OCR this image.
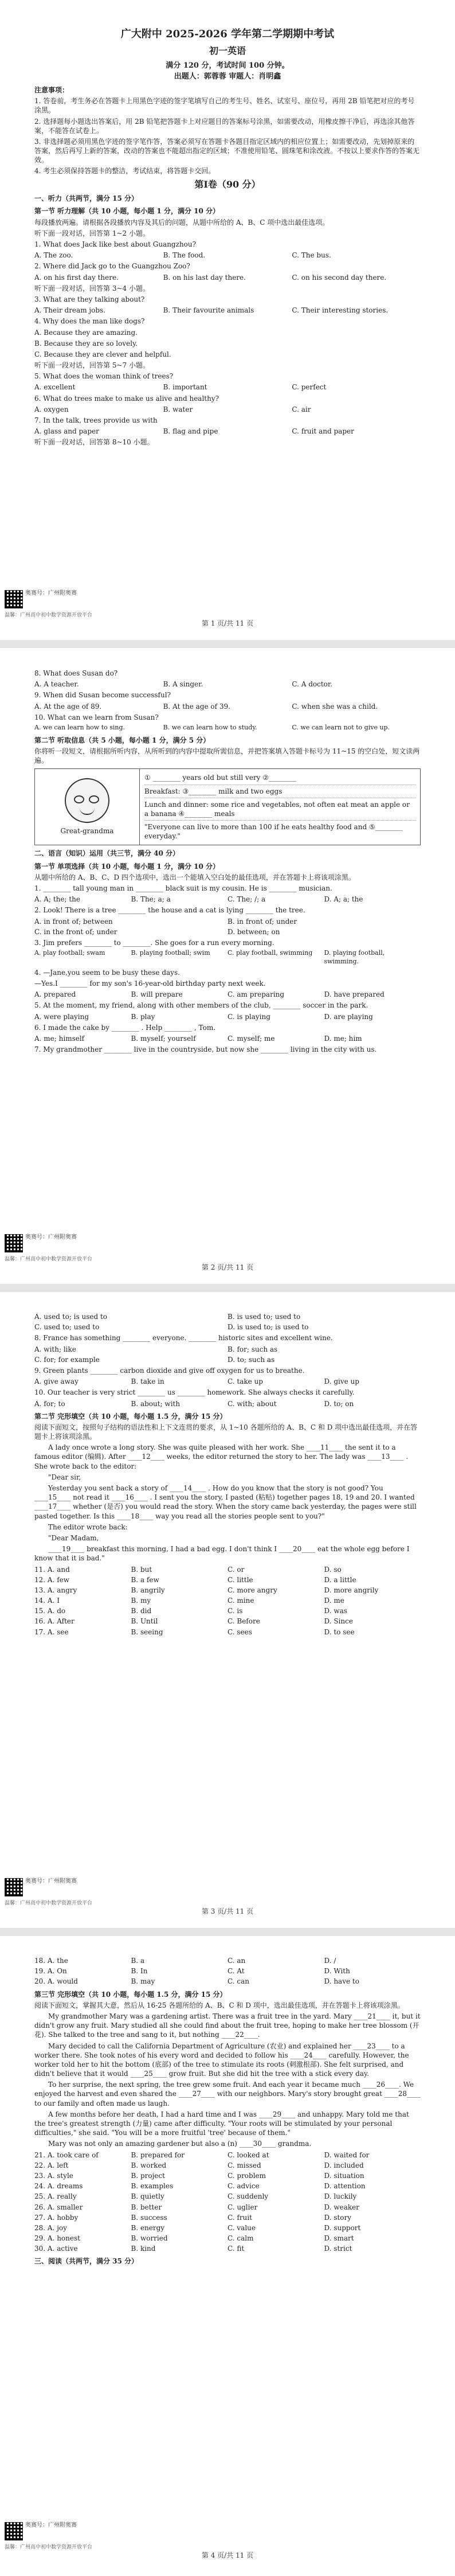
广大附中 2025-2026 学年第二学期期中考试
初一英语
满分 120 分，考试时间 100 分钟。
出题人：郭蓉蓉 审题人：肖明鑫
注意事项：
1. 答卷前，考生务必在答题卡上用黑色字迹的签字笔填写自己的考生号、姓名、试室号、座位号，再用 2B 铅笔把对应的考号涂黑。
2. 选择题每小题选出答案后，用 2B 铅笔把答题卡上对应题目的答案标号涂黑，如需要改动，用橡皮擦干净后，再选涂其他答案，不能答在试卷上。
3. 非选择题必须用黑色字迹的签字笔作答，答案必须写在答题卡各题目指定区域内的相应位置上；如需要改动，先划掉原来的答案，然后再写上新的答案，改动的答案也不能超出指定的区域；不准使用铅笔、圆珠笔和涂改液。不按以上要求作答的答案无效。
4. 考生必须保持答题卡的整洁，考试结束，将答题卡交回。
第Ⅰ卷（90 分）
一、听力（共两节，满分 15 分）
第一节 听力理解（共 10 小题，每小题 1 分，满分 10 分）
每段播放两遍。请根据各段播放内容及其后的问题，从题中所给的 A、B、C 项中选出最佳选项。
听下面一段对话，回答第 1~2 小题。
1. What does Jack like best about Guangzhou?
A. The zoo.	B. The food.	C. The bus.
2. Where did Jack go to the Guangzhou Zoo?
A. on his first day there.	B. on his last day there.	C. on his second day there.
听下面一段对话，回答第 3~4 小题。
3. What are they talking about?
A. Their dream jobs.	B. Their favourite animals	C. Their interesting stories.
4. Why does the man like dogs?
A. Because they are amazing.
B. Because they are so lovely.
C. Because they are clever and helpful.
听下面一段对话，回答第 5~7 小题。
5. What does the woman think of trees?
A. excellent	B. important	C. perfect
6. What do trees make to make us alive and healthy?
A. oxygen	B. water	C. air
7. In the talk, trees provide us with
A. glass and paper	B. flag and pipe	C. fruit and paper
听下面一段对话，回答第 8~10 小题。
奥赛号：广州附奥赛
温馨：广州高中初中数学资源开放平台
第 1 页/共 11 页
8. What does Susan do?
A. A teacher.	B. A singer.	C. A doctor.
9. When did Susan become successful?
A. At the age of 89.	B. At the age of 39.	C. when she was a child.
10. What can we learn from Susan?
A. we can learn how to sing.	B. we can learn how to study.	C. we can learn not to give up.
第二节 听取信息（共 5 小题，每小题 1 分，满分 5 分）
你将听一段短文，请根据所听内容，从所听到的内容中提取所需信息，并把答案填入答题卡标号为 11~15 的空白处，短文读两遍。
Great-grandma
① ________ years old but still very ②________
Breakfast: ③________ milk and two eggs
Lunch and dinner: some rice and vegetables, not often eat meat an apple or a banana ④________ meals
"Everyone can live to more than 100 if he eats healthy food and ⑤________ everyday."
二、语言（知识）运用（共三节，满分 40 分）
第一节 单项选择（共 10 小题，每小题 1 分，满分 10 分）
从题中所给的 A、B、C、D 四个选项中，选出一个能填入空白处的最佳选项，并在答题卡上将该项涂黑。
1. ________ tall young man in ________ black suit is my cousin. He is ________ musician.
A. A; the; the	B. The; a; a	C. The; /; a	D. A; a; the
2. Look! There is a tree ________ the house and a cat is lying ________ the tree.
A. in front of; between	B. in front of; under
C. in the front of; under	D. between; on
3. Jim prefers ________ to ________. She goes for a run every morning.
A. play football; swam	B. playing football; swim	C. play football, swimming	D. playing football, swimming.
4. —Jane,you seem to be busy these days.
—Yes.I ________ for my son's 16-year-old birthday party next week.
A. prepared	B. will prepare	C. am preparing	D. have prepared
5. At the moment, my friend, along with other members of the club, ________ soccer in the park.
A. were playing	B. play	C. is playing	D. are playing
6. I made the cake by ________ . Help ________ , Tom.
A. me; himself	B. myself; yourself	C. myself; me	D. me; him
7. My grandmother ________ live in the countryside, but now she ________ living in the city with us.
奥赛号：广州附奥赛
温馨：广州高中初中数学资源开放平台
第 2 页/共 11 页
A. used to; is used to	B. is used to; used to
C. used to; used to	D. is used to; is used to
8. France has something ________ everyone. ________ historic sites and excellent wine.
A. with; like	B. for; such as
C. for; for example	D. to; such as
9. Green plants ________ carbon dioxide and give off oxygen for us to breathe.
A. give away	B. take in	C. take up	D. give up
10. Our teacher is very strict ________ us ________ homework. She always checks it carefully.
A. for; to	B. about; with	C. with; about	D. to; on
第二节 完形填空（共 10 小题，每小题 1.5 分，满分 15 分）
阅读下面短文，按照句子结构的语法性和上下文连贯的要求，从 1~10 各题所给的 A、B、C 和 D 项中选出最佳选项，并在答题卡上将该项涂黑。
A lady once wrote a long story. She was quite pleased with her work. She ____11____ the sent it to a famous editor (编辑). After ____12____ weeks, the editor returned the story to her. The lady was ____13____ . She wrote back to the editor:
"Dear sir,
Yesterday you sent back a story of ____14____ . How do you know that the story is not good? You ____15____ not read it ____16____ . I sent you the story, I pasted (粘贴) together pages 18, 19 and 20. I wanted ____17____ whether (是否) you would read the story. When the story came back yesterday, the pages were still pasted together. Is this ____18____ way you read all the stories people sent to you?"
The editor wrote back:
"Dear Madam,
____19____ breakfast this morning, I had a bad egg. I don't think I ____20____ eat the whole egg before I know that it is bad."
11. A. and	B. but	C. or	D. so
12. A. few	B. a few	C. little	D. a little
13. A. angry	B. angrily	C. more angry	D. more angrily
14. A. I	B. my	C. mine	D. me
15. A. do	B. did	C. is	D. was
16. A. After	B. Until	C. Before	D. Since
17. A. see	B. seeing	C. sees	D. to see
奥赛号：广州附奥赛
温馨：广州高中初中数学资源开放平台
第 3 页/共 11 页
18. A. the	B. a	C. an	D. /
19. A. On	B. In	C. At	D. With
20. A. would	B. may	C. can	D. have to
第三节 完形填空（共 10 小题，每小题 1.5 分，满分 15 分）
阅读下面短文，掌握其大意，然后从 16-25 各题所给的 A、B、C 和 D 项中，选出最佳选项，并在答题卡上将该项涂黑。
My grandmother Mary was a gardening artist. There was a fruit tree in the yard. Mary ____21____ it, but it didn't grow any fruit. Mary studied all she could find about the fruit tree, hoping to make her tree blossom (开花). She talked to the tree and sang to it, but nothing ____22____.
Mary decided to call the California Department of Agriculture (农业) and explained her ____23____ to a worker there. She took notes of his every word and decided to follow his ____24____ carefully. However, the worker told her to hit the bottom (底部) of the tree to stimulate its roots (刺激根部). She felt surprised, and didn't believe that it would ____25____ grow fruit. But she did hit the tree with a stick every day.
To her surprise, the next spring, the tree grew some fruit. And each year it became much ____26____. We enjoyed the harvest and even shared the ____27____ with our neighbors. Mary's story brought great ____28____ to our family and often made us laugh.
A few months before her death, I had a hard time and I was ____29____ and unhappy. Mary told me that the tree's greatest strength (力量) came after difficulty. "Your roots will be stimulated by your personal difficulties," she said. "You will be a more fruitful 'tree' because of them."
Mary was not only an amazing gardener but also a (n) ____30____ grandma.
21. A. took care of	B. prepared for	C. looked at	D. waited for
22. A. left	B. worked	C. missed	D. included
23. A. style	B. project	C. problem	D. situation
24. A. dreams	B. examples	C. advice	D. attention
25. A. really	B. quietly	C. suddenly	D. luckily
26. A. smaller	B. better	C. uglier	D. weaker
27. A. hobby	B. success	C. fruit	D. story
28. A. joy	B. energy	C. value	D. support
29. A. honest	B. worried	C. calm	D. smart
30. A. active	B. kind	C. fit	D. strict
三、阅读（共两节，满分 35 分）
奥赛号：广州附奥赛
温馨：广州高中初中数学资源开放平台
第 4 页/共 11 页
